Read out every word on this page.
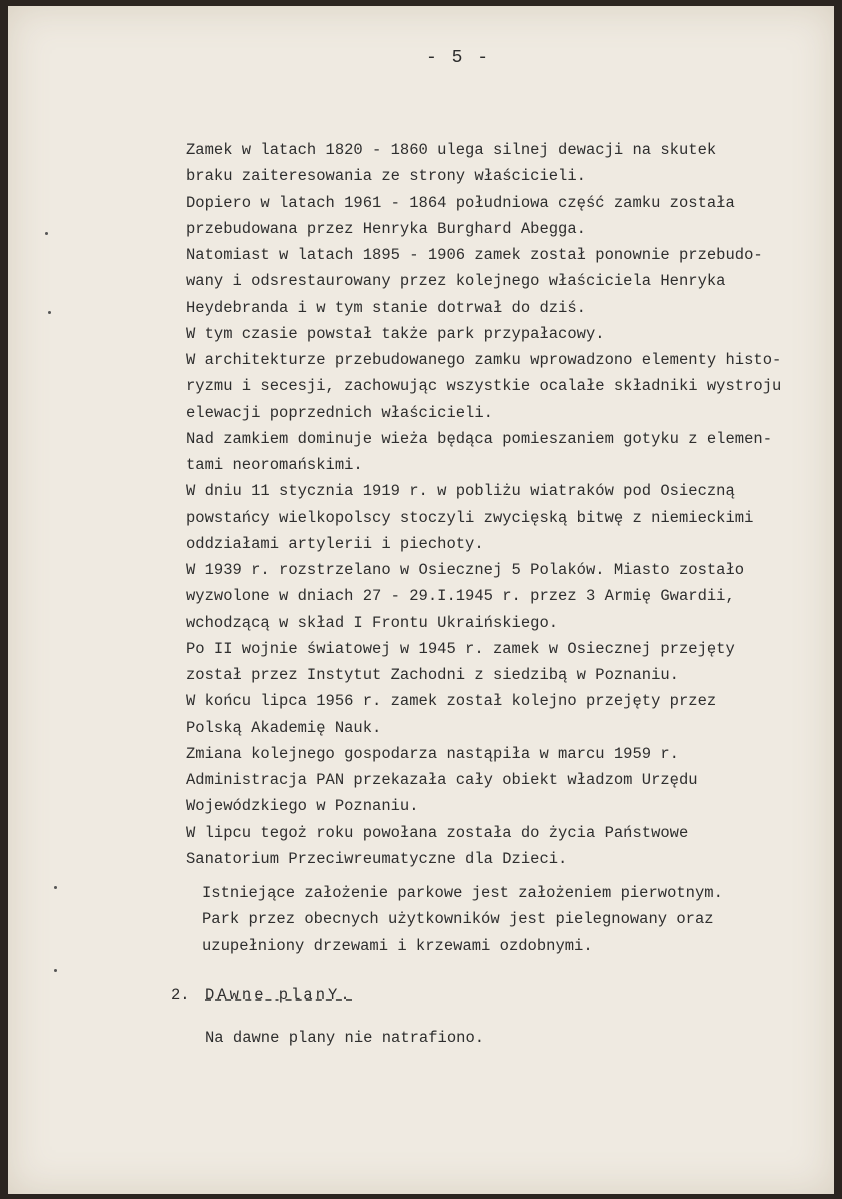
- 5 -
Zamek w latach 1820 - 1860 ulega silnej dewacji na skutek
braku zaiteresowania ze strony właścicieli.
Dopiero w latach 1961 - 1864 południowa część zamku została
przebudowana przez Henryka Burghard Abegga.
Natomiast w latach 1895 - 1906 zamek został ponownie przebudo-
wany i odsrestaurowany przez kolejnego właściciela Henryka
Heydebranda i w tym stanie dotrwał do dziś.
W tym czasie powstał także park przypałacowy.
W architekturze przebudowanego zamku wprowadzono elementy histo-
ryzmu i secesji, zachowując wszystkie ocalałe składniki wystroju
elewacji poprzednich właścicieli.
Nad zamkiem dominuje wieża będąca pomieszaniem gotyku z elemen-
tami neoromańskimi.
W dniu 11 stycznia 1919 r. w pobliżu wiatraków pod Osieczną
powstańcy wielkopolscy stoczyli zwycięską bitwę z niemieckimi
oddziałami artylerii i piechoty.
W 1939 r. rozstrzelano w Osiecznej 5 Polaków. Miasto zostało
wyzwolone w dniach 27 - 29.I.1945 r. przez 3 Armię Gwardii,
wchodzącą w skład I Frontu Ukraińskiego.
Po II wojnie światowej w 1945 r. zamek w Osiecznej przejęty
został przez Instytut Zachodni z siedzibą w Poznaniu.
W końcu lipca 1956 r. zamek został kolejno przejęty przez
Polską Akademię Nauk.
Zmiana kolejnego gospodarza nastąpiła w marcu 1959 r.
Administracja PAN przekazała cały obiekt władzom Urzędu
Wojewódzkiego w Poznaniu.
W lipcu tegoż roku powołana została do życia Państwowe
Sanatorium Przeciwreumatyczne dla Dzieci.
Istniejące założenie parkowe jest założeniem pierwotnym.
Park przez obecnych użytkowników jest pielegnowany oraz
uzupełniony drzewami i krzewami ozdobnymi.
2. DAwne planY.
Na dawne plany nie natrafiono.
